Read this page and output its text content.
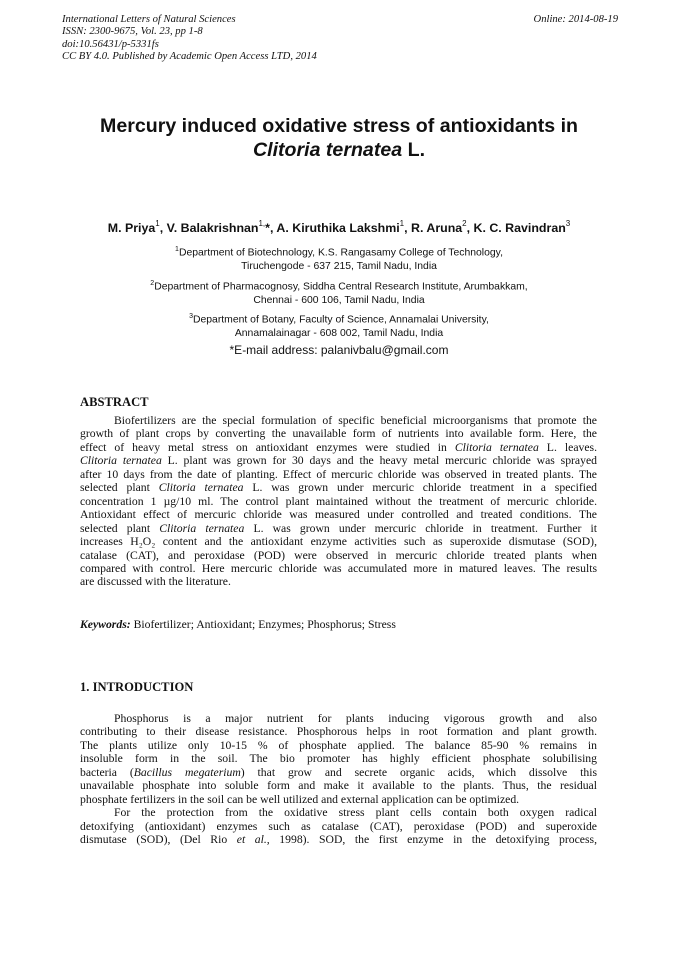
International Letters of Natural Sciences
ISSN: 2300-9675, Vol. 23, pp 1-8
doi:10.56431/p-5331fs
CC BY 4.0. Published by Academic Open Access LTD, 2014
Online: 2014-08-19
Mercury induced oxidative stress of antioxidants in
Clitoria ternatea L.
M. Priya$^1$, V. Balakrishnan$^{1,}$*, A. Kiruthika Lakshmi$^1$, R. Aruna$^2$, K. C. Ravindran$^3$
$^1$Department of Biotechnology, K.S. Rangasamy College of Technology,
Tiruchengode - 637 215, Tamil Nadu, India
$^2$Department of Pharmacognosy, Siddha Central Research Institute, Arumbakkam,
Chennai - 600 106, Tamil Nadu, India
$^3$Department of Botany, Faculty of Science, Annamalai University,
Annamalainagar - 608 002, Tamil Nadu, India
*E-mail address: palanivbalu@gmail.com
ABSTRACT
Biofertilizers are the special formulation of specific beneficial microorganisms that promote the
growth of plant crops by converting the unavailable form of nutrients into available form. Here, the
effect of heavy metal stress on antioxidant enzymes were studied in Clitoria ternatea L. leaves.
Clitoria ternatea L. plant was grown for 30 days and the heavy metal mercuric chloride was sprayed
after 10 days from the date of planting. Effect of mercuric chloride was observed in treated plants. The
selected plant Clitoria ternatea L. was grown under mercuric chloride treatment in a specified
concentration 1 µg/10 ml. The control plant maintained without the treatment of mercuric chloride.
Antioxidant effect of mercuric chloride was measured under controlled and treated conditions. The
selected plant Clitoria ternatea L. was grown under mercuric chloride in treatment. Further it
increases H₂O₂ content and the antioxidant enzyme activities such as superoxide dismutase (SOD),
catalase (CAT), and peroxidase (POD) were observed in mercuric chloride treated plants when
compared with control. Here mercuric chloride was accumulated more in matured leaves. The results
are discussed with the literature.
Keywords: Biofertilizer; Antioxidant; Enzymes; Phosphorus; Stress
1. INTRODUCTION
Phosphorus is a major nutrient for plants inducing vigorous growth and also
contributing to their disease resistance. Phosphorous helps in root formation and plant growth.
The plants utilize only 10-15 % of phosphate applied. The balance 85-90 % remains in
insoluble form in the soil. The bio promoter has highly efficient phosphate solubilising
bacteria (Bacillus megaterium) that grow and secrete organic acids, which dissolve this
unavailable phosphate into soluble form and make it available to the plants. Thus, the residual
phosphate fertilizers in the soil can be well utilized and external application can be optimized.
For the protection from the oxidative stress plant cells contain both oxygen radical
detoxifying (antioxidant) enzymes such as catalase (CAT), peroxidase (POD) and superoxide
dismutase (SOD), (Del Rio et al., 1998). SOD, the first enzyme in the detoxifying process,
